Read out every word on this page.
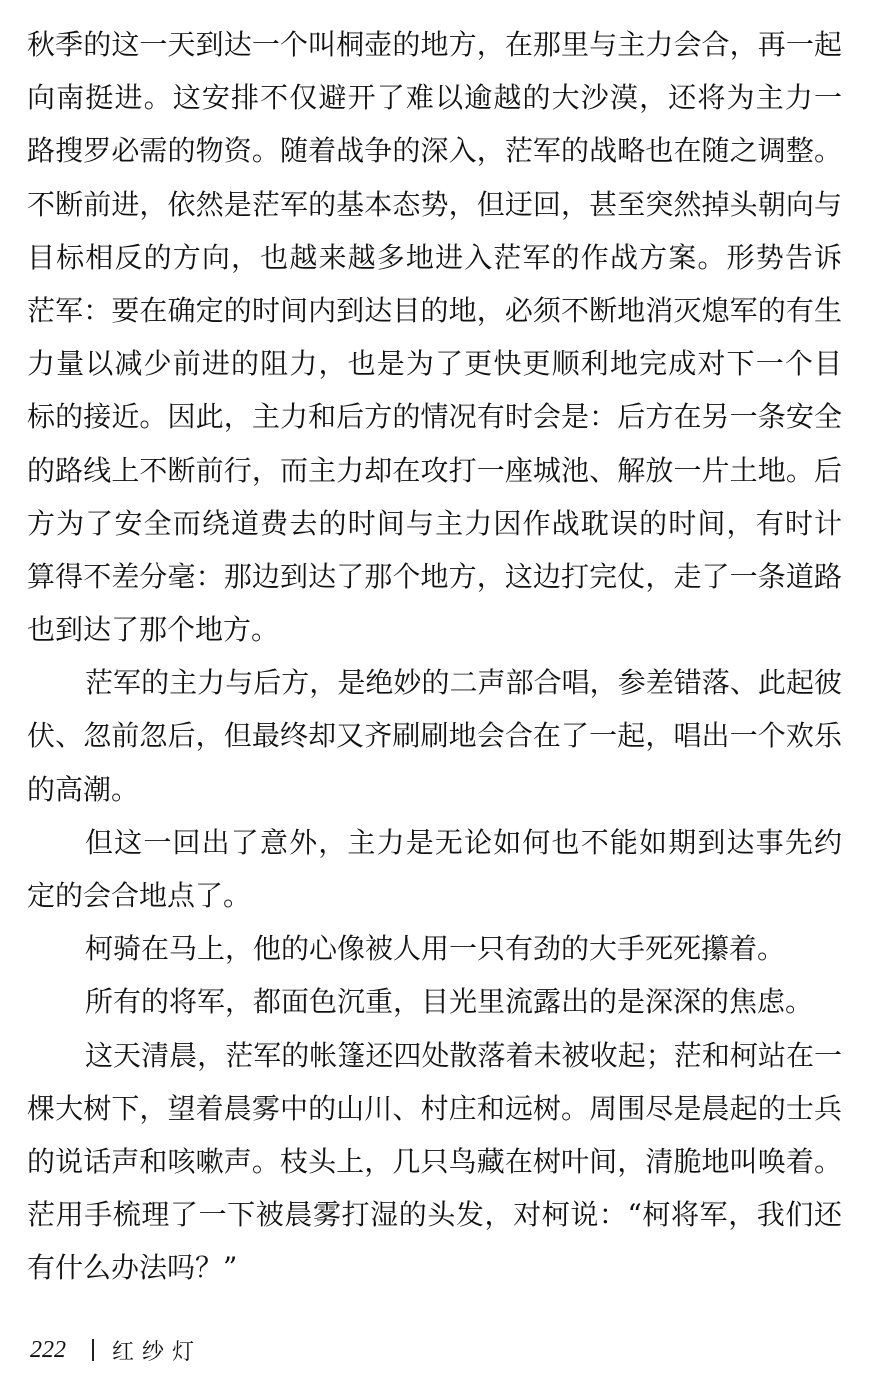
秋季的这一天到达一个叫桐壶的地方，在那里与主力会合，再一起
向南挺进。这安排不仅避开了难以逾越的大沙漠，还将为主力一
路搜罗必需的物资。随着战争的深入，茫军的战略也在随之调整。
不断前进，依然是茫军的基本态势，但迂回，甚至突然掉头朝向与
目标相反的方向，也越来越多地进入茫军的作战方案。形势告诉
茫军：要在确定的时间内到达目的地，必须不断地消灭熄军的有生
力量以减少前进的阻力，也是为了更快更顺利地完成对下一个目
标的接近。因此，主力和后方的情况有时会是：后方在另一条安全
的路线上不断前行，而主力却在攻打一座城池、解放一片土地。后
方为了安全而绕道费去的时间与主力因作战耽误的时间，有时计
算得不差分毫：那边到达了那个地方，这边打完仗，走了一条道路
也到达了那个地方。
茫军的主力与后方，是绝妙的二声部合唱，参差错落、此起彼
伏、忽前忽后，但最终却又齐刷刷地会合在了一起，唱出一个欢乐
的高潮。
但这一回出了意外，主力是无论如何也不能如期到达事先约
定的会合地点了。
柯骑在马上，他的心像被人用一只有劲的大手死死攥着。
所有的将军，都面色沉重，目光里流露出的是深深的焦虑。
这天清晨，茫军的帐篷还四处散落着未被收起；茫和柯站在一
棵大树下，望着晨雾中的山川、村庄和远树。周围尽是晨起的士兵
的说话声和咳嗽声。枝头上，几只鸟藏在树叶间，清脆地叫唤着。
茫用手梳理了一下被晨雾打湿的头发，对柯说：“柯将军，我们还
有什么办法吗？”
222 红纱灯
